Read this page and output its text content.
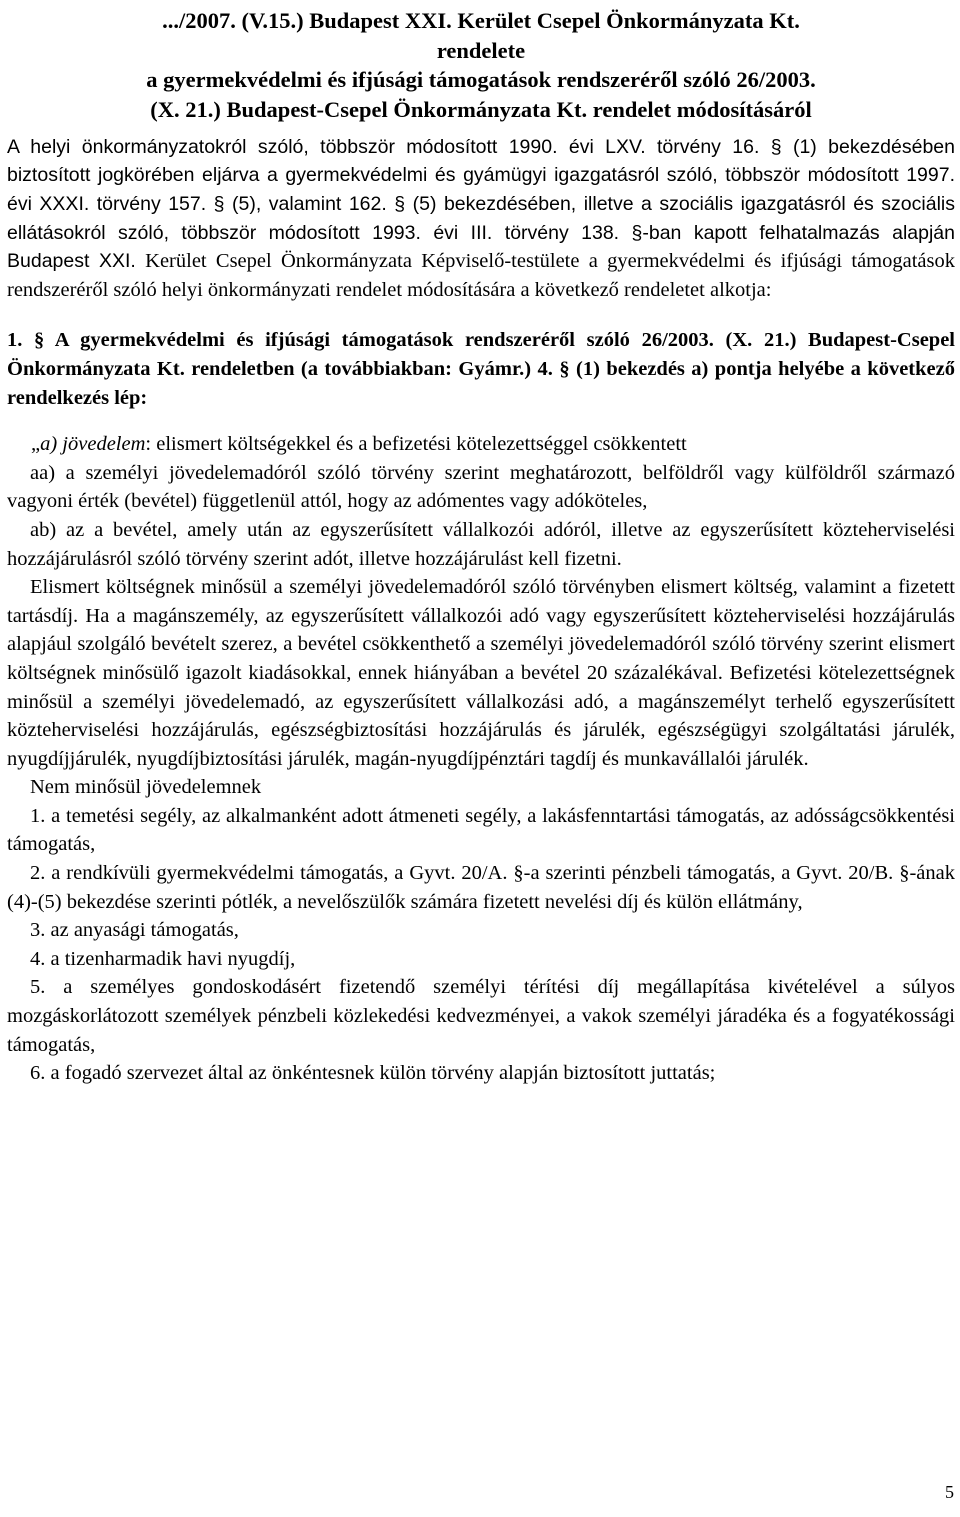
.../2007. (V.15.) Budapest XXI. Kerület Csepel Önkormányzata Kt.
rendelete
a gyermekvédelmi és ifjúsági támogatások rendszeréről szóló 26/2003.
(X. 21.) Budapest-Csepel Önkormányzata Kt. rendelet módosításáról

A helyi önkormányzatokról szóló, többször módosított 1990. évi LXV. törvény 16. § (1) bekezdésében biztosított jogkörében eljárva a gyermekvédelmi és gyámügyi igazgatásról szóló, többször módosított 1997. évi XXXI. törvény 157. § (5), valamint 162. § (5) bekezdésében, illetve a szociális igazgatásról és szociális ellátásokról szóló, többször módosított 1993. évi III. törvény 138. §-ban kapott felhatalmazás alapján Budapest XXI. Kerület Csepel Önkormányzata Képviselő-testülete a gyermekvédelmi és ifjúsági támogatások rendszeréről szóló helyi önkormányzati rendelet módosítására a következő rendeletet alkotja:

1. § A gyermekvédelmi és ifjúsági támogatások rendszeréről szóló 26/2003. (X. 21.) Budapest-Csepel Önkormányzata Kt. rendeletben (a továbbiakban: Gyámr.) 4. § (1) bekezdés a) pontja helyébe a következő rendelkezés lép:

„a) jövedelem: elismert költségekkel és a befizetési kötelezettséggel csökkentett

aa) a személyi jövedelemadóról szóló törvény szerint meghatározott, belföldről vagy külföldről származó vagyoni érték (bevétel) függetlenül attól, hogy az adómentes vagy adóköteles,

ab) az a bevétel, amely után az egyszerűsített vállalkozói adóról, illetve az egyszerűsített közteherviselési hozzájárulásról szóló törvény szerint adót, illetve hozzájárulást kell fizetni.

Elismert költségnek minősül a személyi jövedelemadóról szóló törvényben elismert költség, valamint a fizetett tartásdíj. Ha a magánszemély, az egyszerűsített vállalkozói adó vagy egyszerűsített közteherviselési hozzájárulás alapjául szolgáló bevételt szerez, a bevétel csökkenthető a személyi jövedelemadóról szóló törvény szerint elismert költségnek minősülő igazolt kiadásokkal, ennek hiányában a bevétel 20 százalékával. Befizetési kötelezettségnek minősül a személyi jövedelemadó, az egyszerűsített vállalkozási adó, a magánszemélyt terhelő egyszerűsített közteherviselési hozzájárulás, egészségbiztosítási hozzájárulás és járulék, egészségügyi szolgáltatási járulék, nyugdíjjárulék, nyugdíjbiztosítási járulék, magán-nyugdíjpénztári tagdíj és munkavállalói járulék.

Nem minősül jövedelemnek

1. a temetési segély, az alkalmanként adott átmeneti segély, a lakásfenntartási támogatás, az adósságcsökkentési támogatás,

2. a rendkívüli gyermekvédelmi támogatás, a Gyvt. 20/A. §-a szerinti pénzbeli támogatás, a Gyvt. 20/B. §-ának (4)-(5) bekezdése szerinti pótlék, a nevelőszülők számára fizetett nevelési díj és külön ellátmány,

3. az anyasági támogatás,

4. a tizenharmadik havi nyugdíj,

5. a személyes gondoskodásért fizetendő személyi térítési díj megállapítása kivételével a súlyos mozgáskorlátozott személyek pénzbeli közlekedési kedvezményei, a vakok személyi járadéka és a fogyatékossági támogatás,

6. a fogadó szervezet által az önkéntesnek külön törvény alapján biztosított juttatás;

5
